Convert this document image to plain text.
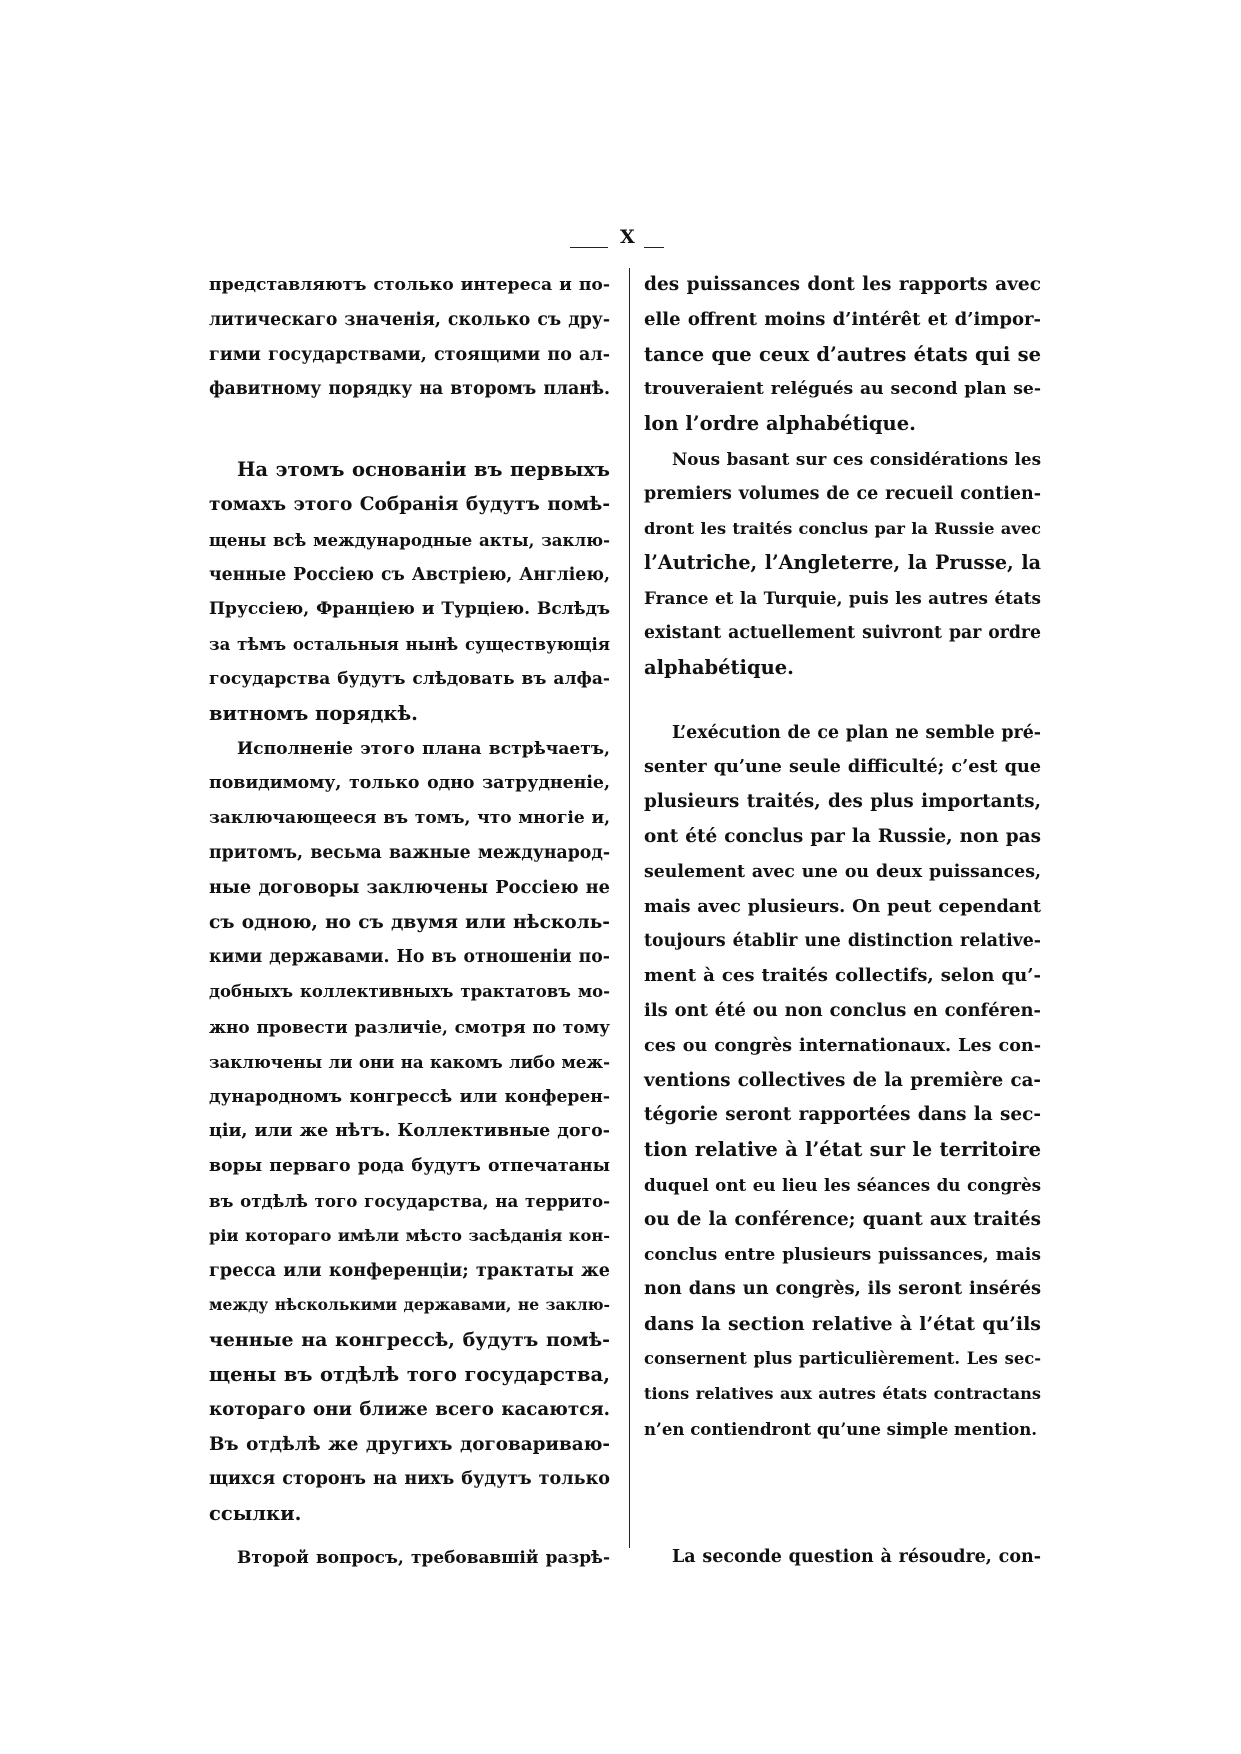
X
представляютъ столько интереса и по-
литическаго значенія, сколько съ дру-
гими государствами, стоящими по ал-
фавитному порядку на второмъ планѣ.
На этомъ основаніи въ первыхъ
томахъ этого Собранія будутъ помѣ-
щены всѣ международные акты, заклю-
ченные Россіею съ Австріею, Англіею,
Пруссіею, Франціею и Турціею. Вслѣдъ
за тѣмъ остальныя нынѣ существующія
государства будутъ слѣдовать въ алфа-
витномъ порядкѣ.
Исполненіе этого плана встрѣчаетъ,
повидимому, только одно затрудненіе,
заключающееся въ томъ, что многіе и,
притомъ, весьма важные международ-
ные договоры заключены Россіею не
съ одною, но съ двумя или нѣсколь-
кими державами. Но въ отношеніи по-
добныхъ коллективныхъ трактатовъ мо-
жно провести различіе, смотря по тому
заключены ли они на какомъ либо меж-
дународномъ конгрессѣ или конферен-
ціи, или же нѣтъ. Коллективные дого-
воры перваго рода будутъ отпечатаны
въ отдѣлѣ того государства, на террито-
ріи котораго имѣли мѣсто засѣданія кон-
гресса или конференціи; трактаты же
между нѣсколькими державами, не заклю-
ченные на конгрессѣ, будутъ помѣ-
щены въ отдѣлѣ того государства,
котораго они ближе всего касаются.
Въ отдѣлѣ же другихъ договариваю-
щихся сторонъ на нихъ будутъ только
ссылки.
Второй вопросъ, требовавшій разрѣ-
des puissances dont les rapports avec
elle offrent moins d’intérêt et d’impor-
tance que ceux d’autres états qui se
trouveraient relégués au second plan se-
lon l’ordre alphabétique.
Nous basant sur ces considérations les
premiers volumes de ce recueil contien-
dront les traités conclus par la Russie avec
l’Autriche, l’Angleterre, la Prusse, la
France et la Turquie, puis les autres états
existant actuellement suivront par ordre
alphabétique.
L’exécution de ce plan ne semble pré-
senter qu’une seule difficulté; c’est que
plusieurs traités, des plus importants,
ont été conclus par la Russie, non pas
seulement avec une ou deux puissances,
mais avec plusieurs. On peut cependant
toujours établir une distinction relative-
ment à ces traités collectifs, selon qu’-
ils ont été ou non conclus en conféren-
ces ou congrès internationaux. Les con-
ventions collectives de la première ca-
tégorie seront rapportées dans la sec-
tion relative à l’état sur le territoire
duquel ont eu lieu les séances du congrès
ou de la conférence; quant aux traités
conclus entre plusieurs puissances, mais
non dans un congrès, ils seront insérés
dans la section relative à l’état qu’ils
consernent plus particulièrement. Les sec-
tions relatives aux autres états contractans
n’en contiendront qu’une simple mention.
La seconde question à résoudre, con-
